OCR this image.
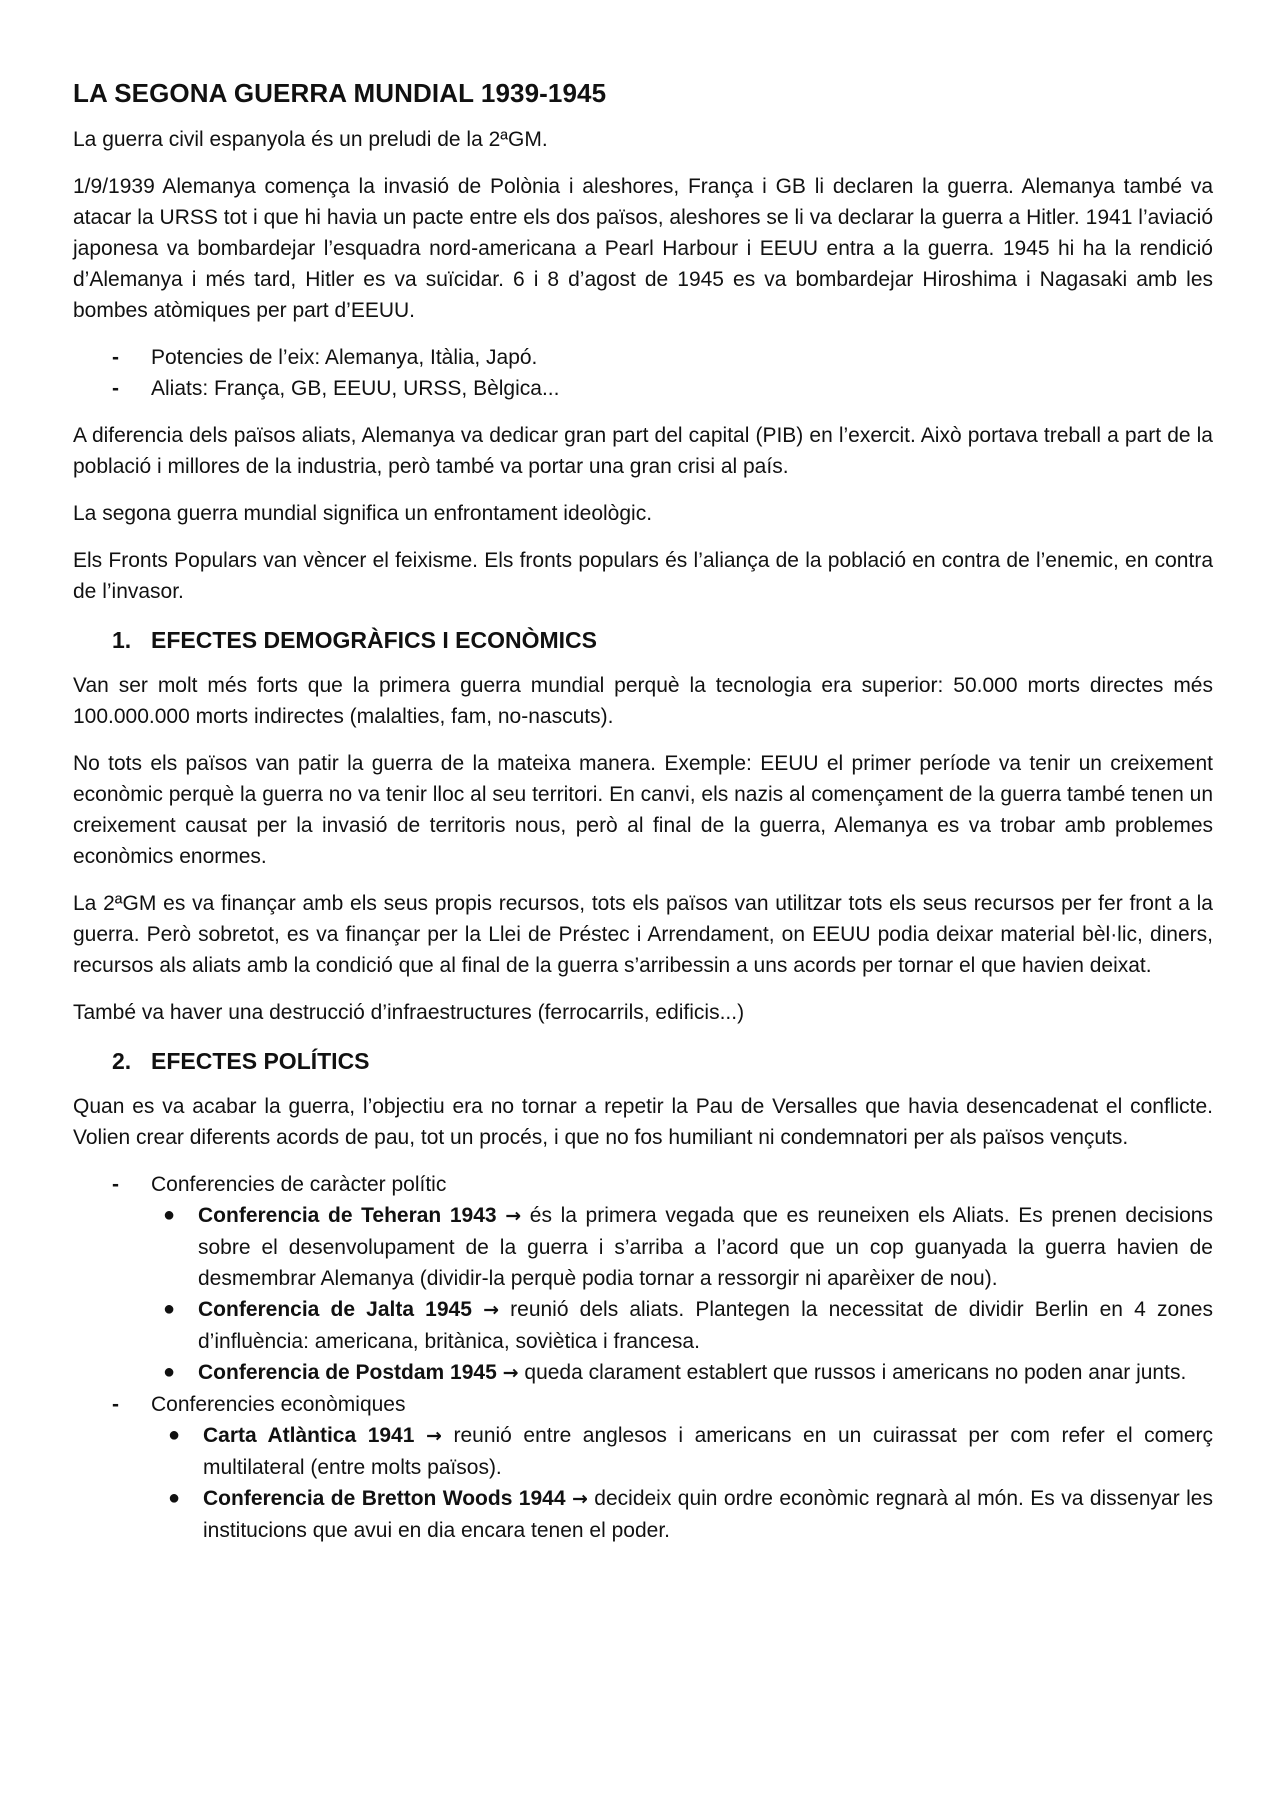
LA SEGONA GUERRA MUNDIAL 1939-1945

La guerra civil espanyola és un preludi de la 2ªGM.

1/9/1939 Alemanya comença la invasió de Polònia i aleshores, França i GB li declaren la guerra. Alemanya també va atacar la URSS tot i que hi havia un pacte entre els dos països, aleshores se li va declarar la guerra a Hitler. 1941 l’aviació japonesa va bombardejar l’esquadra nord-americana a Pearl Harbour i EEUU entra a la guerra. 1945 hi ha la rendició d’Alemanya i més tard, Hitler es va suïcidar. 6 i 8 d’agost de 1945 es va bombardejar Hiroshima i Nagasaki amb les bombes atòmiques per part d’EEUU.

-	Potencies de l’eix: Alemanya, Itàlia, Japó.
-	Aliats: França, GB, EEUU, URSS, Bèlgica...

A diferencia dels països aliats, Alemanya va dedicar gran part del capital (PIB) en l’exercit. Això portava treball a part de la població i millores de la industria, però també va portar una gran crisi al país.

La segona guerra mundial significa un enfrontament ideològic.

Els Fronts Populars van vèncer el feixisme. Els fronts populars és l’aliança de la població en contra de l’enemic, en contra de l’invasor.

1. EFECTES DEMOGRÀFICS I ECONÒMICS

Van ser molt més forts que la primera guerra mundial perquè la tecnologia era superior: 50.000 morts directes més 100.000.000 morts indirectes (malalties, fam, no-nascuts).

No tots els països van patir la guerra de la mateixa manera. Exemple: EEUU el primer període va tenir un creixement econòmic perquè la guerra no va tenir lloc al seu territori. En canvi, els nazis al començament de la guerra també tenen un creixement causat per la invasió de territoris nous, però al final de la guerra, Alemanya es va trobar amb problemes econòmics enormes.

La 2ªGM es va finançar amb els seus propis recursos, tots els països van utilitzar tots els seus recursos per fer front a la guerra. Però sobretot, es va finançar per la Llei de Préstec i Arrendament, on EEUU podia deixar material bèl·lic, diners, recursos als aliats amb la condició que al final de la guerra s’arribessin a uns acords per tornar el que havien deixat.

També va haver una destrucció d’infraestructures (ferrocarrils, edificis...)

2. EFECTES POLÍTICS

Quan es va acabar la guerra, l’objectiu era no tornar a repetir la Pau de Versalles que havia desencadenat el conflicte. Volien crear diferents acords de pau, tot un procés, i que no fos humiliant ni condemnatori per als països vençuts.

-	Conferencies de caràcter polític
●	Conferencia de Teheran 1943 → és la primera vegada que es reuneixen els Aliats. Es prenen decisions sobre el desenvolupament de la guerra i s’arriba a l’acord que un cop guanyada la guerra havien de desmembrar Alemanya (dividir-la perquè podia tornar a ressorgir ni aparèixer de nou).
●	Conferencia de Jalta 1945 → reunió dels aliats. Plantegen la necessitat de dividir Berlin en 4 zones d’influència: americana, britànica, soviètica i francesa.
●	Conferencia de Postdam 1945 → queda clarament establert que russos i americans no poden anar junts.
-	Conferencies econòmiques
●	Carta Atlàntica 1941 → reunió entre anglesos i americans en un cuirassat per com refer el comerç multilateral (entre molts països).
●	Conferencia de Bretton Woods 1944 → decideix quin ordre econòmic regnarà al món. Es va dissenyar les institucions que avui en dia encara tenen el poder.
